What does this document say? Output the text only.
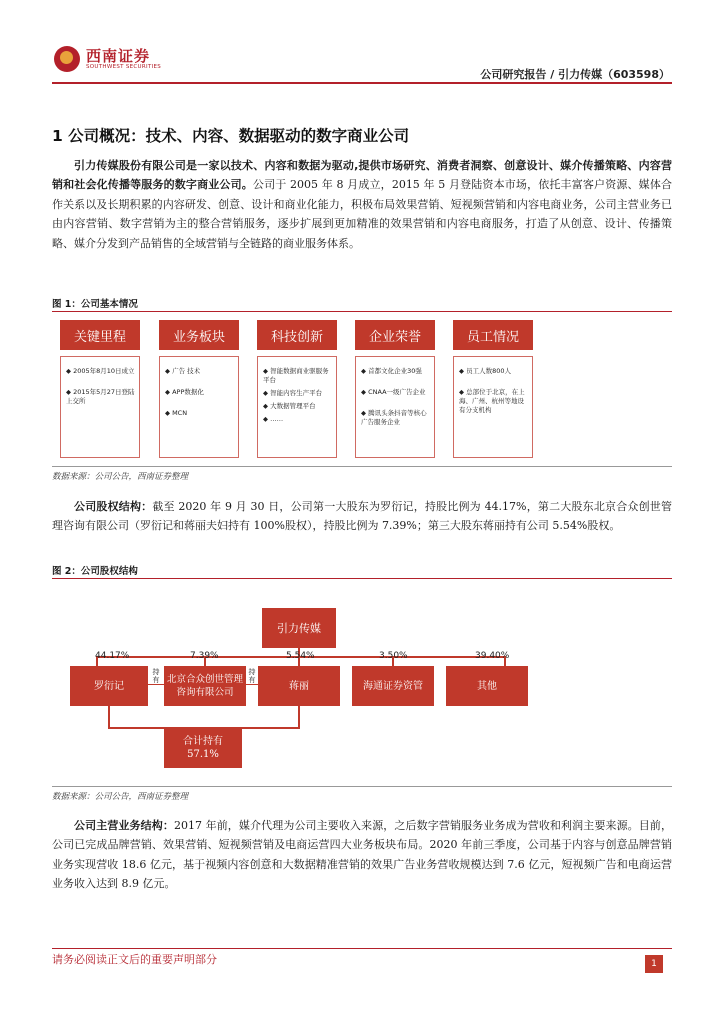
西南证券
SOUTHWEST SECURITIES
公司研究报告 / 引力传媒（603598）
1 公司概况：技术、内容、数据驱动的数字商业公司
引力传媒股份有限公司是一家以技术、内容和数据为驱动,提供市场研究、消费者洞察、创意设计、媒介传播策略、内容营销和社会化传播等服务的数字商业公司。公司于 2005 年 8 月成立，2015 年 5 月登陆资本市场，依托丰富客户资源、媒体合作关系以及长期积累的内容研发、创意、设计和商业化能力，积极布局效果营销、短视频营销和内容电商业务，公司主营业务已由内容营销、数字营销为主的整合营销服务，逐步扩展到更加精准的效果营销和内容电商服务，打造了从创意、设计、传播策略、媒介分发到产品销售的全域营销与全链路的商业服务体系。
图 1：公司基本情况
关键里程	业务板块	科技创新	企业荣誉	员工情况
◆ 2005年8月10日成立
◆ 2015年5月27日登陆上交所
◆ 广告 技术
◆ APP数据化
◆ MCN
◆ 智能数据商业驱服务平台
◆ 智能内容生产平台
◆ 大数据管理平台
◆ ……
◆ 首都文化企业30强
◆ CNAA一级广告企业
◆ 腾讯头条抖音等核心广告服务企业
◆ 员工人数800人
◆ 总部位于北京，在上海、广州、杭州等地设有分支机构
数据来源：公司公告，西南证券整理
公司股权结构：截至 2020 年 9 月 30 日，公司第一大股东为罗衍记，持股比例为 44.17%，第二大股东北京合众创世管理咨询有限公司（罗衍记和蒋丽夫妇持有 100%股权），持股比例为 7.39%；第三大股东蒋丽持有公司 5.54%股权。
图 2：公司股权结构
引力传媒
44.17%	7.39%	5.54%	3.50%	39.40%
罗衍记
北京合众创世管理咨询有限公司
蒋丽	海通证券资管	其他
持有
持有
合计持有
57.1%
数据来源：公司公告，西南证券整理
公司主营业务结构：2017 年前，媒介代理为公司主要收入来源，之后数字营销服务业务成为营收和利润主要来源。目前，公司已完成品牌营销、效果营销、短视频营销及电商运营四大业务板块布局。2020 年前三季度，公司基于内容与创意品牌营销业务实现营收 18.6 亿元，基于视频内容创意和大数据精准营销的效果广告业务营收规模达到 7.6 亿元，短视频广告和电商运营业务收入达到 8.9 亿元。
请务必阅读正文后的重要声明部分	1
